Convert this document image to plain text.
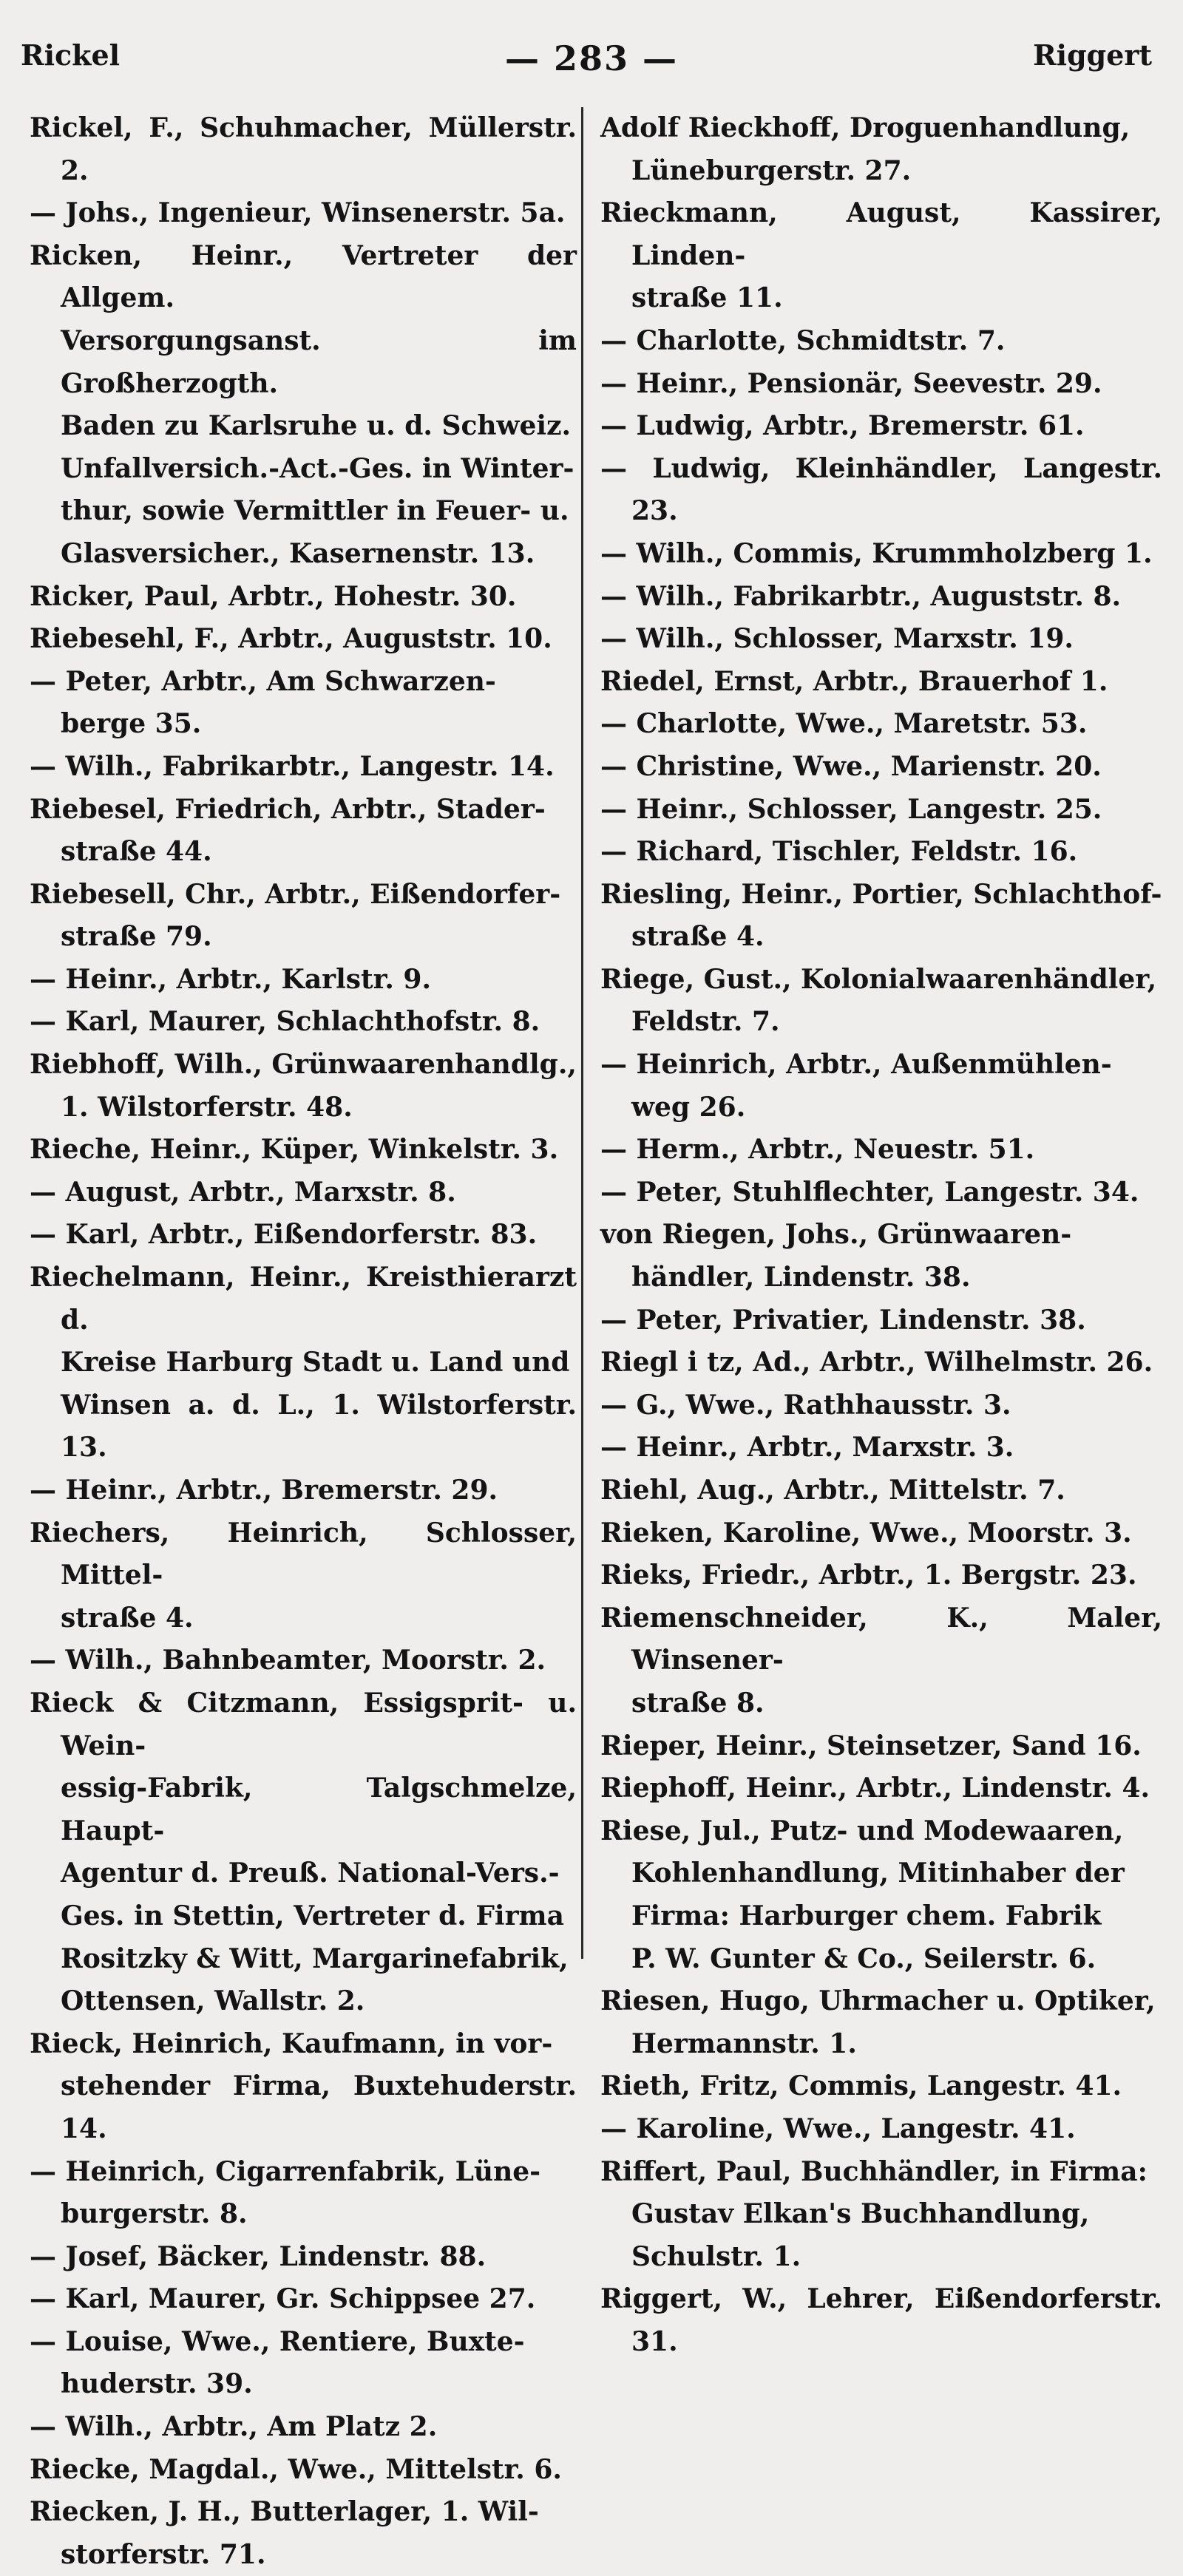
Rickel	— 283 —	Riggert
Rickel, F., Schuhmacher, Müllerstr. 2.
— Johs., Ingenieur, Winsenerstr. 5a.
Ricken, Heinr., Vertreter der Allgem.
Versorgungsanst. im Großherzogth.
Baden zu Karlsruhe u. d. Schweiz.
Unfallversich.-Act.-Ges. in Winter-
thur, sowie Vermittler in Feuer- u.
Glasversicher., Kasernenstr. 13.
Ricker, Paul, Arbtr., Hohestr. 30.
Riebesehl, F., Arbtr., Auguststr. 10.
— Peter, Arbtr., Am Schwarzen-
berge 35.
— Wilh., Fabrikarbtr., Langestr. 14.
Riebesel, Friedrich, Arbtr., Stader-
straße 44.
Riebesell, Chr., Arbtr., Eißendorfer-
straße 79.
— Heinr., Arbtr., Karlstr. 9.
— Karl, Maurer, Schlachthofstr. 8.
Riebhoff, Wilh., Grünwaarenhandlg.,
1. Wilstorferstr. 48.
Rieche, Heinr., Küper, Winkelstr. 3.
— August, Arbtr., Marxstr. 8.
— Karl, Arbtr., Eißendorferstr. 83.
Riechelmann, Heinr., Kreisthierarzt d.
Kreise Harburg Stadt u. Land und
Winsen a. d. L., 1. Wilstorferstr. 13.
— Heinr., Arbtr., Bremerstr. 29.
Riechers, Heinrich, Schlosser, Mittel-
straße 4.
— Wilh., Bahnbeamter, Moorstr. 2.
Rieck & Citzmann, Essigsprit- u. Wein-
essig-Fabrik, Talgschmelze, Haupt-
Agentur d. Preuß. National-Vers.-
Ges. in Stettin, Vertreter d. Firma
Rositzky & Witt, Margarinefabrik,
Ottensen, Wallstr. 2.
Rieck, Heinrich, Kaufmann, in vor-
stehender Firma, Buxtehuderstr. 14.
— Heinrich, Cigarrenfabrik, Lüne-
burgerstr. 8.
— Josef, Bäcker, Lindenstr. 88.
— Karl, Maurer, Gr. Schippsee 27.
— Louise, Wwe., Rentiere, Buxte-
huderstr. 39.
— Wilh., Arbtr., Am Platz 2.
Riecke, Magdal., Wwe., Mittelstr. 6.
Riecken, J. H., Butterlager, 1. Wil-
storferstr. 71.
Adolf Rieckhoff, Droguenhandlung,
Lüneburgerstr. 27.
Rieckmann, August, Kassirer, Linden-
straße 11.
— Charlotte, Schmidtstr. 7.
— Heinr., Pensionär, Seevestr. 29.
— Ludwig, Arbtr., Bremerstr. 61.
— Ludwig, Kleinhändler, Langestr. 23.
— Wilh., Commis, Krummholzberg 1.
— Wilh., Fabrikarbtr., Auguststr. 8.
— Wilh., Schlosser, Marxstr. 19.
Riedel, Ernst, Arbtr., Brauerhof 1.
— Charlotte, Wwe., Maretstr. 53.
— Christine, Wwe., Marienstr. 20.
— Heinr., Schlosser, Langestr. 25.
— Richard, Tischler, Feldstr. 16.
Riesling, Heinr., Portier, Schlachthof-
straße 4.
Riege, Gust., Kolonialwaarenhändler,
Feldstr. 7.
— Heinrich, Arbtr., Außenmühlen-
weg 26.
— Herm., Arbtr., Neuestr. 51.
— Peter, Stuhlflechter, Langestr. 34.
von Riegen, Johs., Grünwaaren-
händler, Lindenstr. 38.
— Peter, Privatier, Lindenstr. 38.
Riegl i tz, Ad., Arbtr., Wilhelmstr. 26.
— G., Wwe., Rathhausstr. 3.
— Heinr., Arbtr., Marxstr. 3.
Riehl, Aug., Arbtr., Mittelstr. 7.
Rieken, Karoline, Wwe., Moorstr. 3.
Rieks, Friedr., Arbtr., 1. Bergstr. 23.
Riemenschneider, K., Maler, Winsener-
straße 8.
Rieper, Heinr., Steinsetzer, Sand 16.
Riephoff, Heinr., Arbtr., Lindenstr. 4.
Riese, Jul., Putz- und Modewaaren,
Kohlenhandlung, Mitinhaber der
Firma: Harburger chem. Fabrik
P. W. Gunter & Co., Seilerstr. 6.
Riesen, Hugo, Uhrmacher u. Optiker,
Hermannstr. 1.
Rieth, Fritz, Commis, Langestr. 41.
— Karoline, Wwe., Langestr. 41.
Riffert, Paul, Buchhändler, in Firma:
Gustav Elkan's Buchhandlung,
Schulstr. 1.
Riggert, W., Lehrer, Eißendorferstr. 31.
